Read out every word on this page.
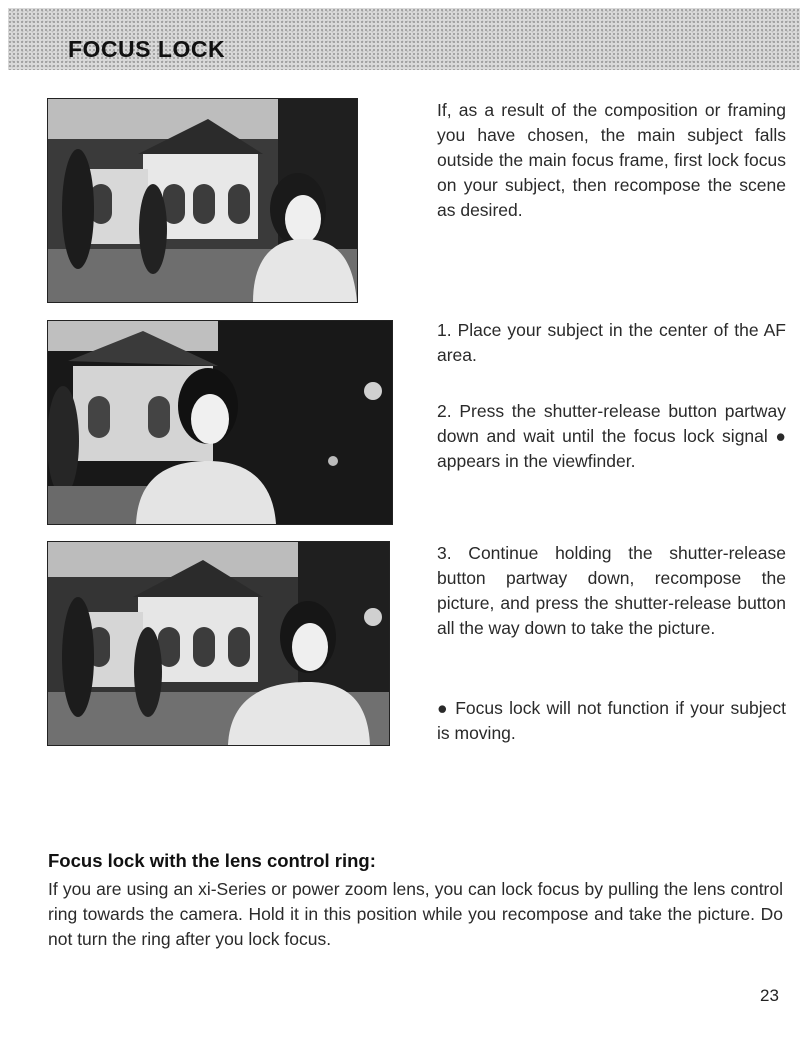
FOCUS LOCK

If, as a result of the composition or framing you have chosen, the main subject falls outside the main focus frame, first lock focus on your subject, then recompose the scene as desired.

1. Place your subject in the center of the AF area.

2. Press the shutter-release button partway down and wait until the focus lock signal ● appears in the viewfinder.

3. Continue holding the shutter-release button partway down, recompose the picture, and press the shutter-release button all the way down to take the picture.

● Focus lock will not function if your subject is moving.

Focus lock with the lens control ring:

If you are using an xi-Series or power zoom lens, you can lock focus by pulling the lens control ring towards the camera. Hold it in this position while you recompose and take the picture. Do not turn the ring after you lock focus.

23
